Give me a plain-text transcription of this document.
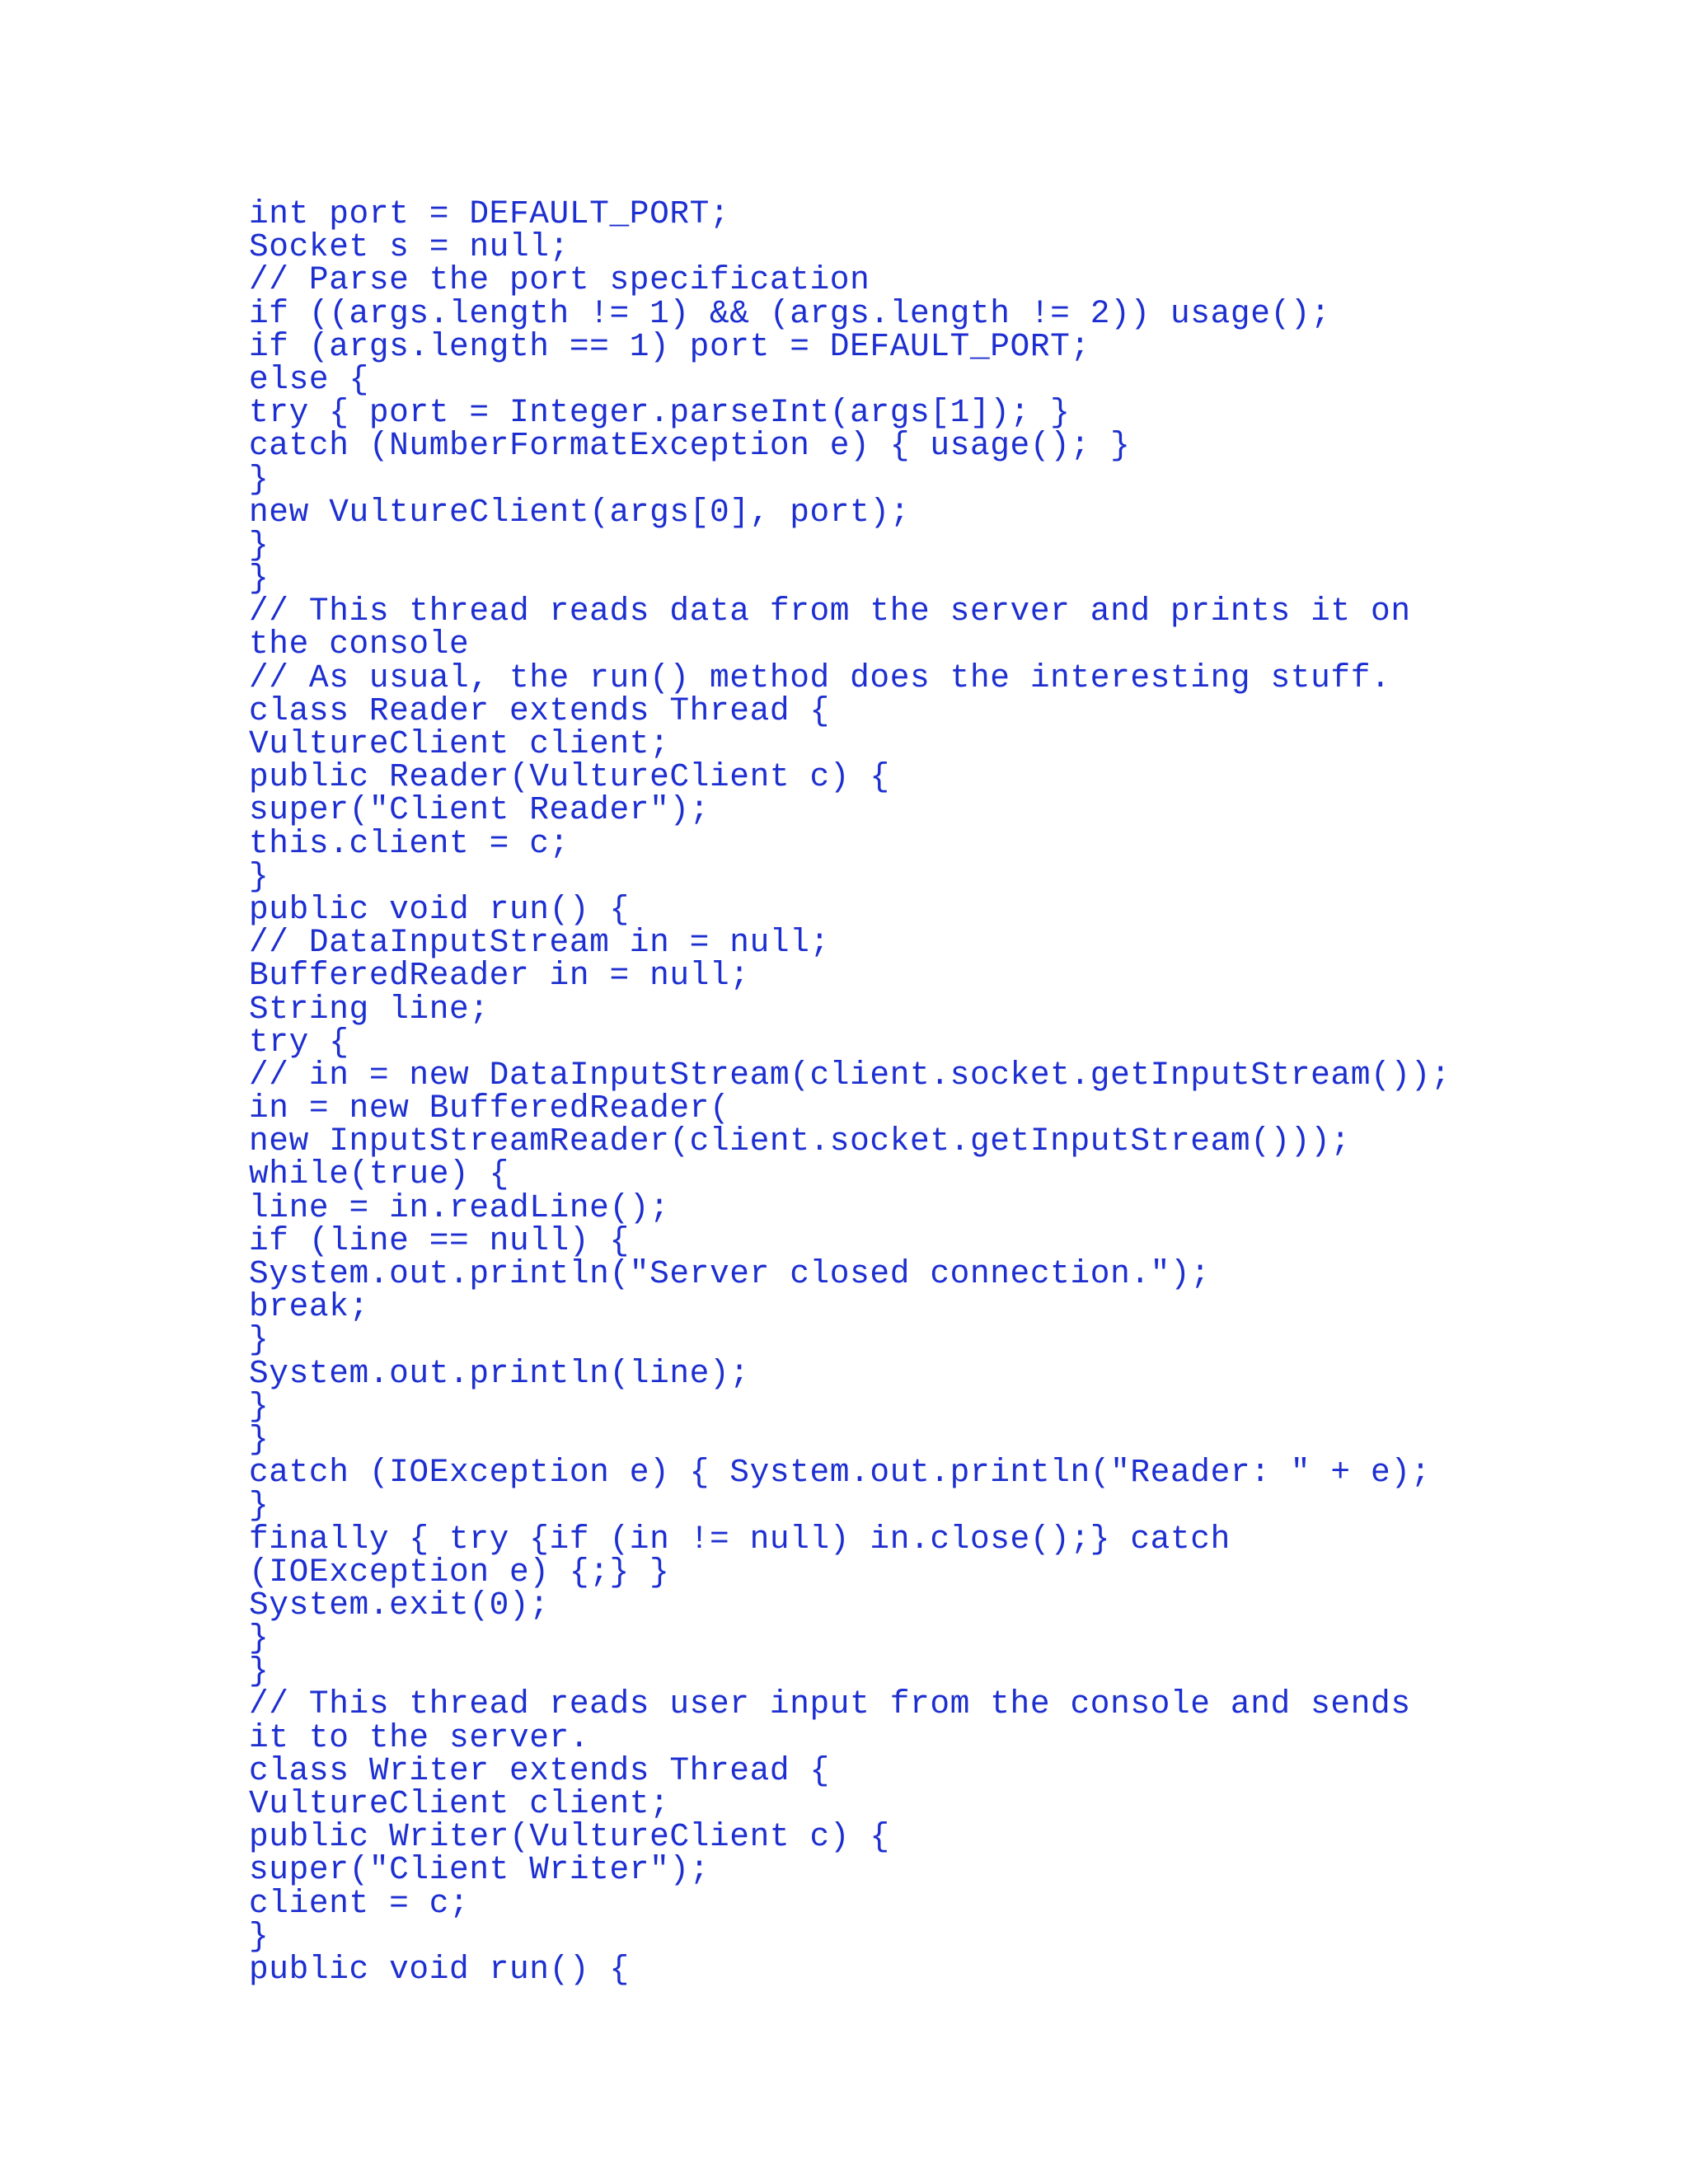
int port = DEFAULT_PORT;
Socket s = null;
// Parse the port specification
if ((args.length != 1) && (args.length != 2)) usage();
if (args.length == 1) port = DEFAULT_PORT;
else {
try { port = Integer.parseInt(args[1]); }
catch (NumberFormatException e) { usage(); }
}
new VultureClient(args[0], port);
}
}
// This thread reads data from the server and prints it on
the console
// As usual, the run() method does the interesting stuff.
class Reader extends Thread {
VultureClient client;
public Reader(VultureClient c) {
super("Client Reader");
this.client = c;
}
public void run() {
// DataInputStream in = null;
BufferedReader in = null;
String line;
try {
// in = new DataInputStream(client.socket.getInputStream());
in = new BufferedReader(
new InputStreamReader(client.socket.getInputStream()));
while(true) {
line = in.readLine();
if (line == null) {
System.out.println("Server closed connection.");
break;
}
System.out.println(line);
}
}
catch (IOException e) { System.out.println("Reader: " + e);
}
finally { try {if (in != null) in.close();} catch
(IOException e) {;} }
System.exit(0);
}
}
// This thread reads user input from the console and sends
it to the server.
class Writer extends Thread {
VultureClient client;
public Writer(VultureClient c) {
super("Client Writer");
client = c;
}
public void run() {
